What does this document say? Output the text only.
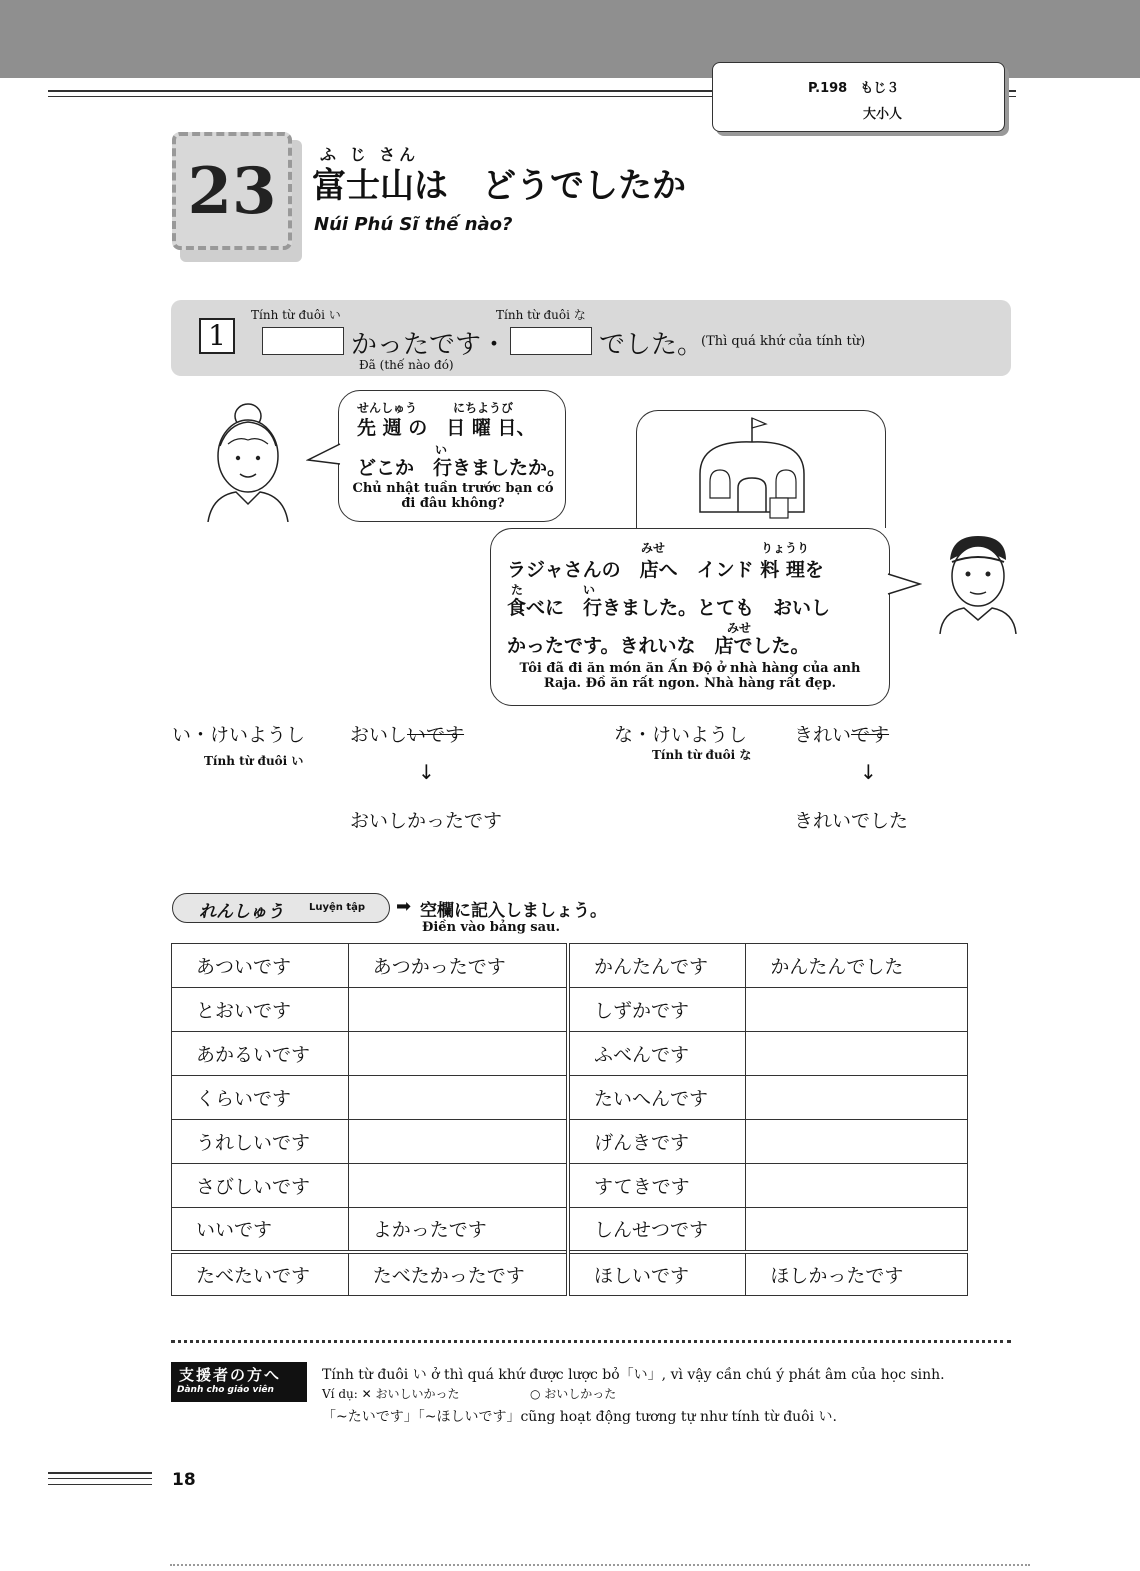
P.198　もじ３
大小人
23	ふ じ さん
富士山は　どうでしたか
Núi Phú Sĩ thế nào?
1
Tính từ đuôi い	Tính từ đuôi な
かったです・	でした。
(Thì quá khứ của tính từ)
Đã (thế nào đó)
せんしゅう　　　にちようび
先 週 の　日 曜 日、
い
どこか　行きましたか。
Chủ nhật tuần trước bạn có đi đâu không?
みせ　　　　　　　　りょうり
ラジャさんの　店へ　インド 料 理を
た　　　　　い
食べに　行きました。とても　おいし
みせ
かったです。きれいな　店でした。
Tôi đã đi ăn món ăn Ấn Độ ở nhà hàng của anh Raja. Đồ ăn rất ngon. Nhà hàng rất đẹp.
い・けいようし
Tính từ đuôi い
おいしいです
↓
おいしかったです
な・けいようし
Tính từ đuôi な
きれいです
↓
きれいでした
れんしゅう	Luyện tập ➡ 空欄に記入しましょう。
Điền vào bảng sau.
あついです	あつかったです	かんたんです	かんたんでした
とおいです		しずかです	
あかるいです		ふべんです	
くらいです		たいへんです	
うれしいです		げんきです	
さびしいです		すてきです	
いいです	よかったです	しんせつです	
たべたいです	たべたかったです	ほしいです	ほしかったです
支援者の方へ
Dành cho giáo viên
Tính từ đuôi い ở thì quá khứ được lược bỏ「い」, vì vậy cần chú ý phát âm của học sinh.
Ví dụ: ✕ おいしいかった	○ おいしかった
「~たいです」「~ほしいです」cũng hoạt động tương tự như tính từ đuôi い.
18
